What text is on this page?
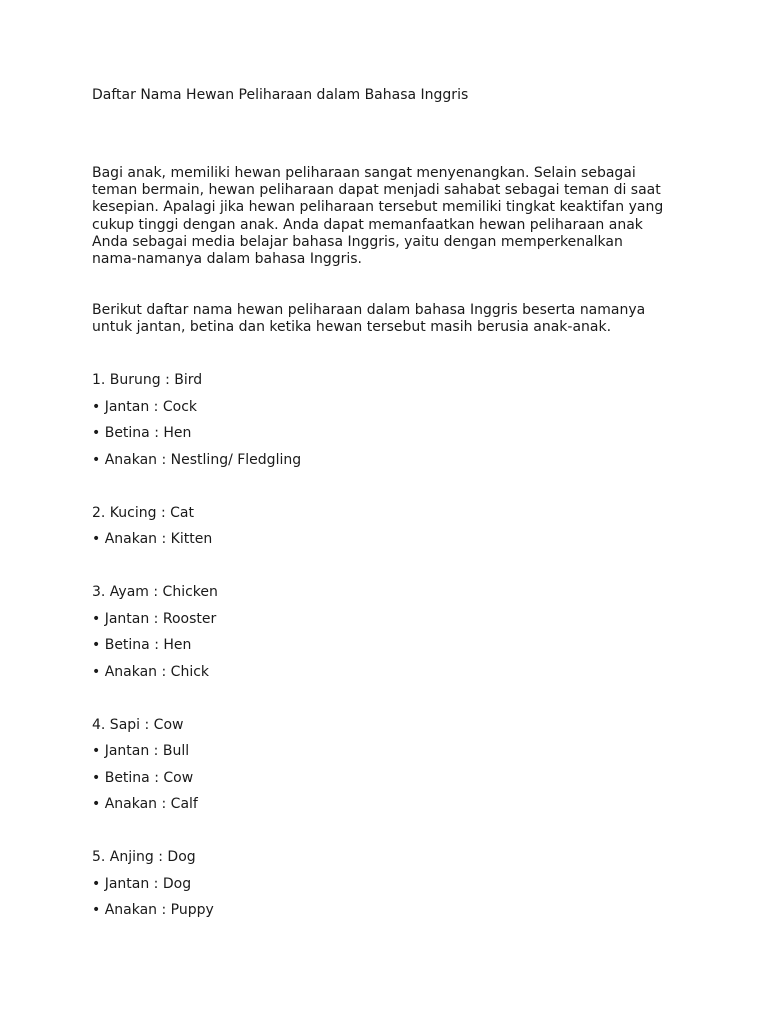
Daftar Nama Hewan Peliharaan dalam Bahasa Inggris
Bagi anak, memiliki hewan peliharaan sangat menyenangkan. Selain sebagai
teman bermain, hewan peliharaan dapat menjadi sahabat sebagai teman di saat
kesepian. Apalagi jika hewan peliharaan tersebut memiliki tingkat keaktifan yang
cukup tinggi dengan anak. Anda dapat memanfaatkan hewan peliharaan anak
Anda sebagai media belajar bahasa Inggris, yaitu dengan memperkenalkan
nama-namanya dalam bahasa Inggris.
Berikut daftar nama hewan peliharaan dalam bahasa Inggris beserta namanya
untuk jantan, betina dan ketika hewan tersebut masih berusia anak-anak.
1. Burung : Bird
• Jantan : Cock
• Betina : Hen
• Anakan : Nestling/ Fledgling
2. Kucing : Cat
• Anakan : Kitten
3. Ayam : Chicken
• Jantan : Rooster
• Betina : Hen
• Anakan : Chick
4. Sapi : Cow
• Jantan : Bull
• Betina : Cow
• Anakan : Calf
5. Anjing : Dog
• Jantan : Dog
• Anakan : Puppy
